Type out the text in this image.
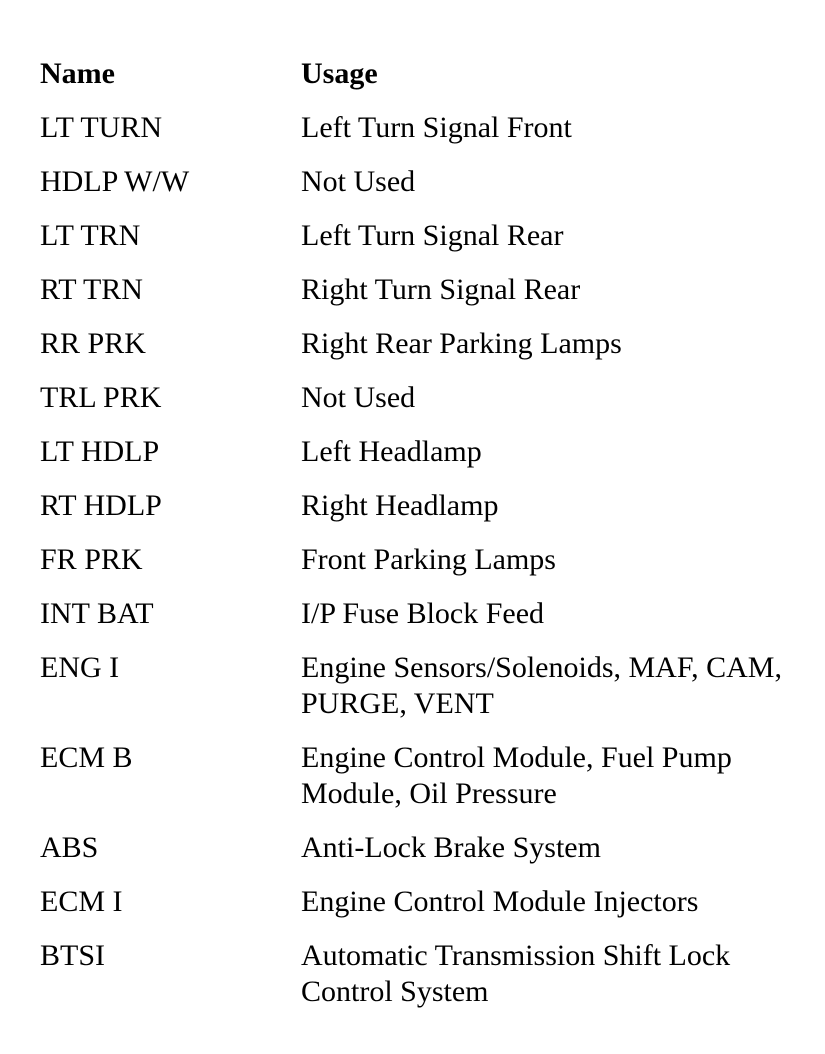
Name	Usage
LT TURN	Left Turn Signal Front
HDLP W/W	Not Used
LT TRN	Left Turn Signal Rear
RT TRN	Right Turn Signal Rear
RR PRK	Right Rear Parking Lamps
TRL PRK	Not Used
LT HDLP	Left Headlamp
RT HDLP	Right Headlamp
FR PRK	Front Parking Lamps
INT BAT	I/P Fuse Block Feed
ENG I	Engine Sensors/Solenoids, MAF, CAM, PURGE, VENT
ECM B	Engine Control Module, Fuel Pump Module, Oil Pressure
ABS	Anti-Lock Brake System
ECM I	Engine Control Module Injectors
BTSI	Automatic Transmission Shift Lock Control System
